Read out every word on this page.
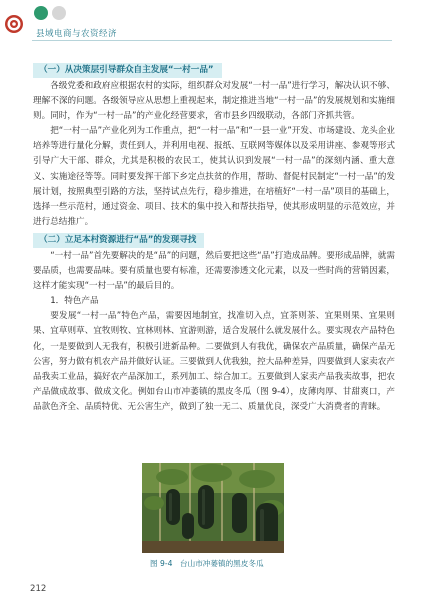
县域电商与农资经济
（一）从决策层引导群众自主发展“一村一品”

各级党委和政府应根据农村的实际，组织群众对发展“一村一品”进行学习，解决认识不够、理解不深的问题。各级领导应从思想上重视起来，制定推进当地“一村一品”的发展规划和实施细则。同时，作为“一村一品”的产业化经营要求，省市县乡四级联动，各部门齐抓共管。

把“一村一品”产业化列为工作重点，把“一村一品”和“一县一业”开发、市场建设、龙头企业培养等进行量化分解，责任到人，并利用电视、报纸、互联网等媒体以及采用讲座、参观等形式引导广大干部、群众，尤其是积极的农民工，使其认识到发展“一村一品”的深刻内涵、重大意义、实施途径等等。同时要发挥干部下乡定点扶贫的作用，帮助、督促村民制定“一村一品”的发展计划，按照典型引路的方法，坚持试点先行，稳步推进，在培植好“一村一品”项目的基础上，选择一些示范村，通过资金、项目、技术的集中投入和帮扶指导，使其形成明显的示范效应，并进行总结推广。

（二）立足本村资源进行“品”的发现寻找

“一村一品”首先要解决的是“品”的问题，然后要把这些“品”打造成品牌。要形成品牌，就需要品质，也需要品味。要有质量也要有标准，还需要渗透文化元素，以及一些时尚的营销因素，这样才能实现“一村一品”的最后目的。

1．特色产品

要发展“一村一品”特色产品，需要因地制宜，找准切入点，宜茶则茶、宜果则果、宜果则果、宜草则草、宜牧则牧、宜林则林、宜游则游，适合发展什么就发展什么。要实现农产品特色化，一是要做到人无我有，积极引进新品种。二要做到人有我优，确保农产品质量，确保产品无公害，努力做有机农产品并做好认证。三要做到人优我独，控大品种差异，四要做到人家卖农产品我卖工业品，搞好农产品深加工，系列加工、综合加工。五要做到人家卖产品我卖故事，把农产品做成故事、做成文化。例如台山市冲萎镇的黑皮冬瓜（图 9-4），皮薄肉厚、甘甜爽口，产品款色齐全、品质特优、无公害生产，做到了独一无二、质量优良，深受广大消费者的青睐。

图 9-4　台山市冲蒌镇的黑皮冬瓜
212
